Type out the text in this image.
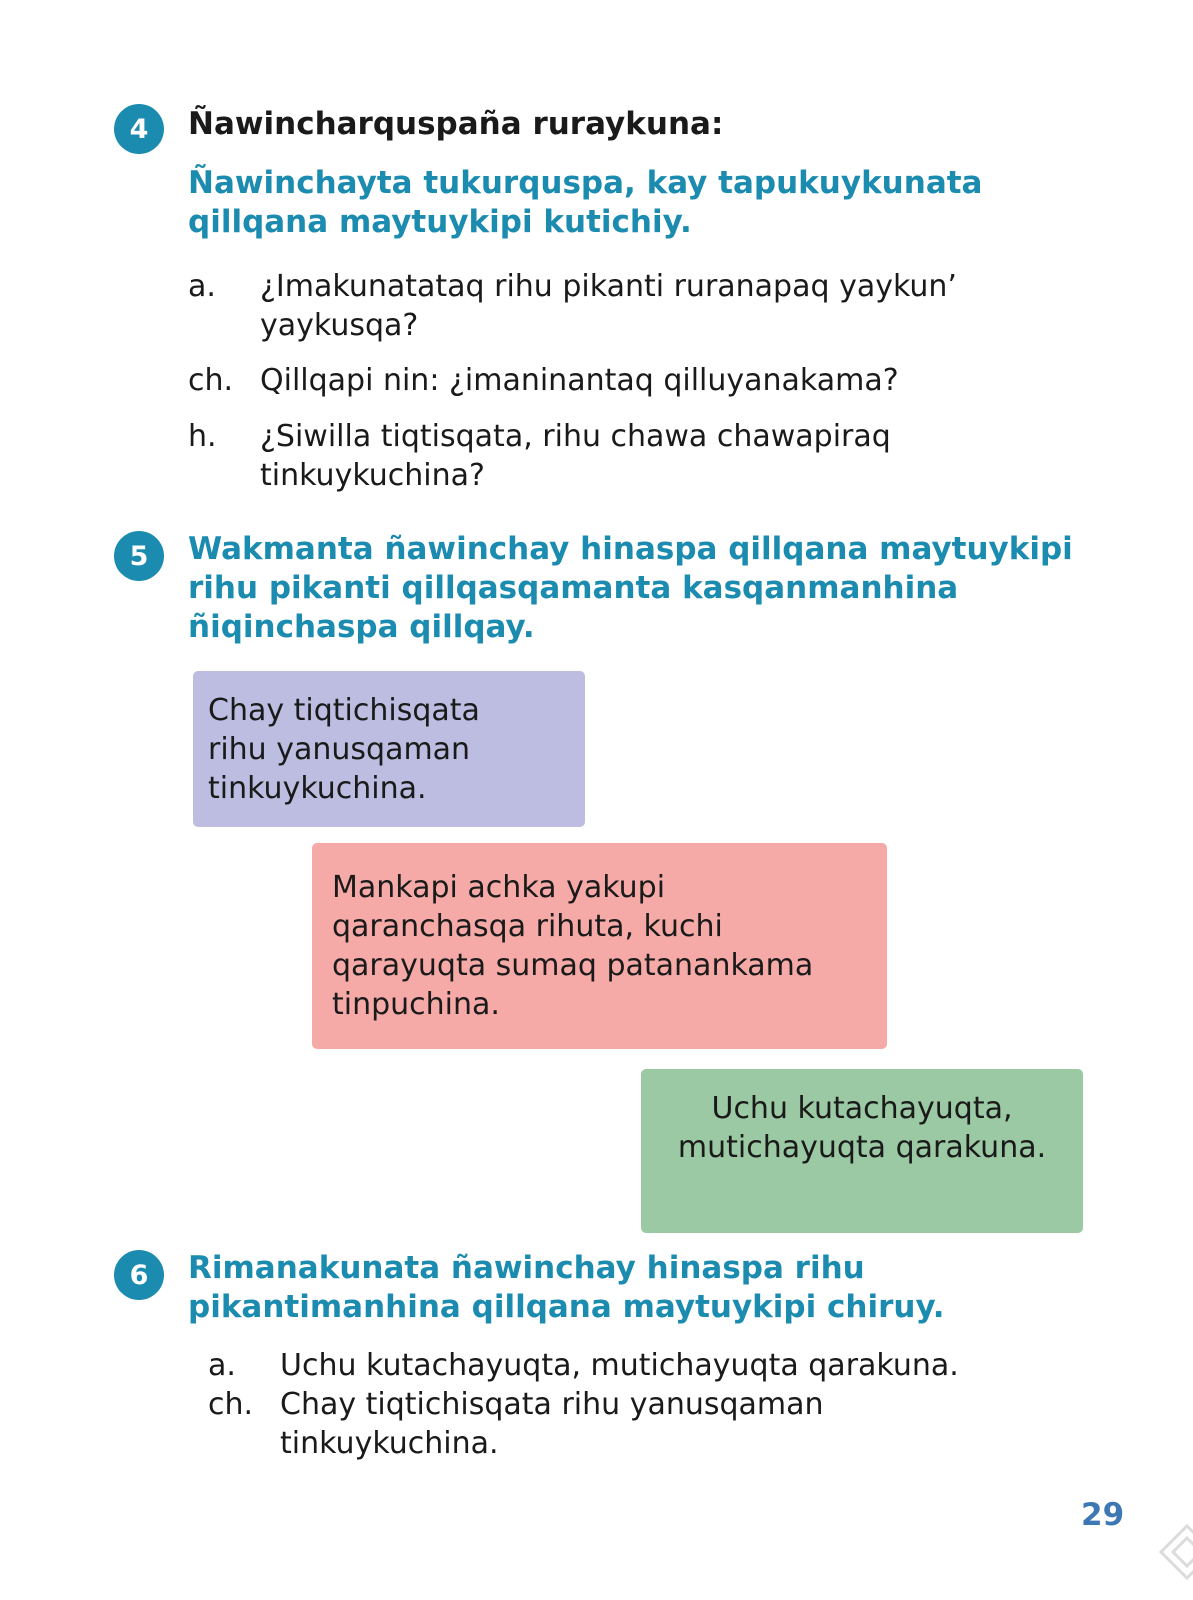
4	Ñawincharquspaña ruraykuna:
Ñawinchayta tukurquspa, kay tapukuykunata
qillqana maytuykipi kutichiy.
a.	¿Imakunatataq rihu pikanti ruranapaq yaykun’
yaykusqa?
ch. Qillqapi nin: ¿imaninantaq qilluyanakama?
h.	¿Siwilla tiqtisqata, rihu chawa chawapiraq
tinkuykuchina?
5	Wakmanta ñawinchay hinaspa qillqana maytuykipi
rihu pikanti qillqasqamanta kasqanmanhina
ñiqinchaspa qillqay.
Chay tiqtichisqata
rihu yanusqaman
tinkuykuchina.
Mankapi achka yakupi
qaranchasqa rihuta, kuchi
qarayuqta sumaq patanankama
tinpuchina.
Uchu kutachayuqta,
mutichayuqta qarakuna.
6	Rimanakunata ñawinchay hinaspa rihu
pikantimanhina qillqana maytuykipi chiruy.
a.	Uchu kutachayuqta, mutichayuqta qarakuna.
ch. Chay tiqtichisqata rihu yanusqaman
tinkuykuchina.
29
